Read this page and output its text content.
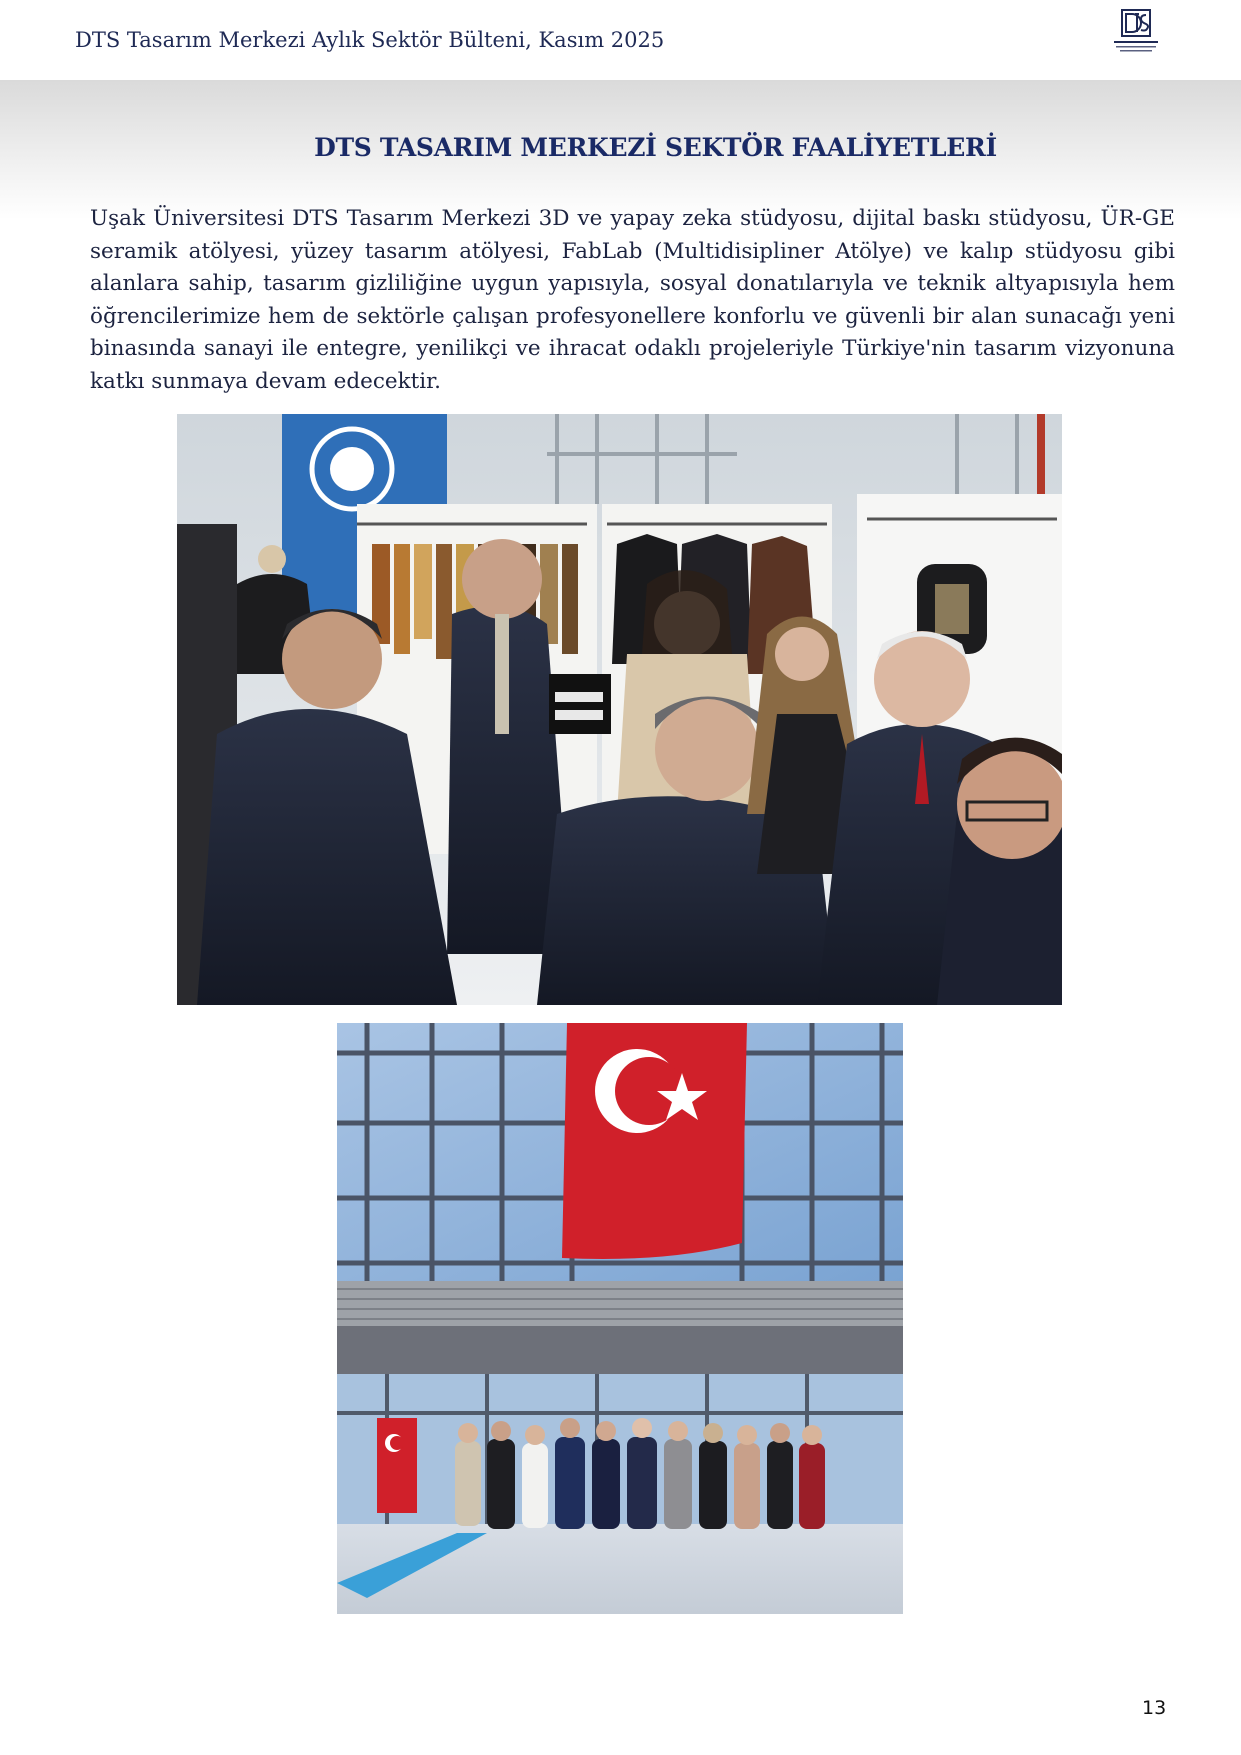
DTS Tasarım Merkezi Aylık Sektör Bülteni, Kasım 2025
DTS TASARIM MERKEZİ SEKTÖR FAALİYETLERİ
Uşak Üniversitesi DTS Tasarım Merkezi 3D ve yapay zeka stüdyosu, dijital baskı stüdyosu, ÜR-GE seramik atölyesi, yüzey tasarım atölyesi, FabLab (Multidisipliner Atölye) ve kalıp stüdyosu gibi alanlara sahip, tasarım gizliliğine uygun yapısıyla, sosyal donatılarıyla ve teknik altyapısıyla hem öğrencilerimize hem de sektörle çalışan profesyonellere konforlu ve güvenli bir alan sunacağı yeni binasında sanayi ile entegre, yenilikçi ve ihracat odaklı projeleriyle Türkiye'nin tasarım vizyonuna katkı sunmaya devam edecektir.
13
